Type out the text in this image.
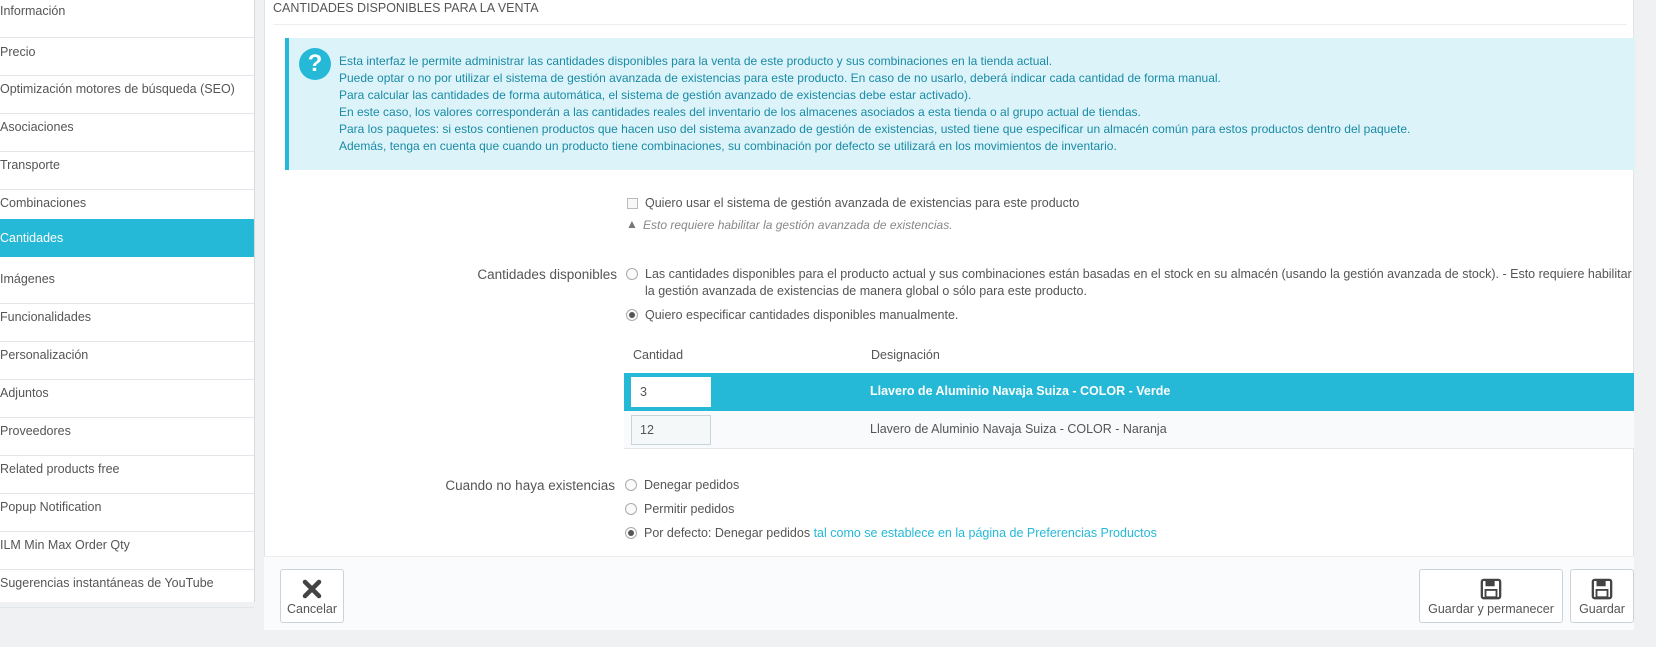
Información
Precio
Optimización motores de búsqueda (SEO)
Asociaciones
Transporte
Combinaciones
Cantidades
Imágenes
Funcionalidades
Personalización
Adjuntos
Proveedores
Related products free
Popup Notification
ILM Min Max Order Qty
Sugerencias instantáneas de YouTube
CANTIDADES DISPONIBLES PARA LA VENTA
?	Esta interfaz le permite administrar las cantidades disponibles para la venta de este producto y sus combinaciones en la tienda actual.
Puede optar o no por utilizar el sistema de gestión avanzada de existencias para este producto. En caso de no usarlo, deberá indicar cada cantidad de forma manual.
Para calcular las cantidades de forma automática, el sistema de gestión avanzado de existencias debe estar activado).
En este caso, los valores corresponderán a las cantidades reales del inventario de los almacenes asociados a esta tienda o al grupo actual de tiendas.
Para los paquetes: si estos contienen productos que hacen uso del sistema avanzado de gestión de existencias, usted tiene que especificar un almacén común para estos productos dentro del paquete.
Además, tenga en cuenta que cuando un producto tiene combinaciones, su combinación por defecto se utilizará en los movimientos de inventario.
Quiero usar el sistema de gestión avanzada de existencias para este producto
▲ Esto requiere habilitar la gestión avanzada de existencias.
Cantidades disponibles Las cantidades disponibles para el producto actual y sus combinaciones están basadas en el stock en su almacén (usando la gestión avanzada de stock). - Esto requiere habilitar
la gestión avanzada de existencias de manera global o sólo para este producto.
Quiero especificar cantidades disponibles manualmente.
Cantidad	Designación
3	Llavero de Aluminio Navaja Suiza - COLOR - Verde
12	Llavero de Aluminio Navaja Suiza - COLOR - Naranja
Cuando no haya existencias Denegar pedidos
Permitir pedidos
Por defecto: Denegar pedidos tal como se establece en la página de Preferencias Productos
Cancelar	Guardar y permanecer	Guardar
